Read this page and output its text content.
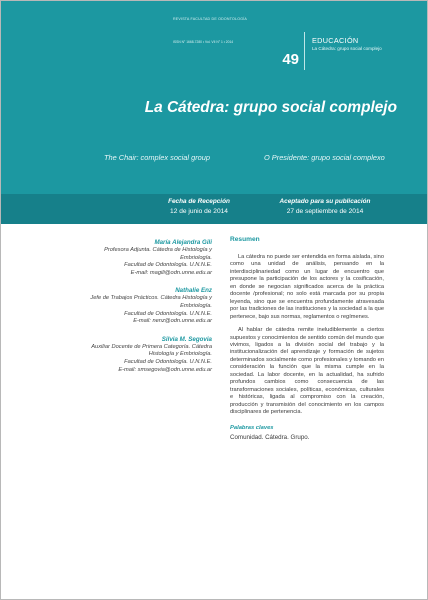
REVISTA FACULTAD DE ODONTOLOGÍA
ISSN N° 1668-7280 • Vol. VII N° 1 • 2014
49
EDUCACIÓN
La Cátedra: grupo social complejo
La Cátedra: grupo social complejo
The Chair: complex social group	O Presidente: grupo social complexo
Fecha de Recepción
12 de junio de 2014
Aceptado para su publicación
27 de septiembre de 2014
María Alejandra Gili
Profesora Adjunta. Cátedra de Histología y
Embriología.
Facultad de Odontología. U.N.N.E.
E-mail: magili@odn.unne.edu.ar
Nathalie Enz
Jefe de Trabajos Prácticos. Cátedra Histología y
Embriología.
Facultad de Odontología. U.N.N.E.
E-mail: nenz@odn.unne.edu.ar
Silvia M. Segovia
Auxiliar Docente de Primera Categoría. Cátedra
Histología y Embriología.
Facultad de Odontología. U.N.N.E.
E-mail: smsegovia@odn.unne.edu.ar
Resumen

La cátedra no puede ser entendida en forma aislada, sino como una unidad de análisis, pensando en la interdisciplinariedad como un lugar de encuentro que presupone la participación de los actores y la cosificación, en donde se negocian significados acerca de la práctica docente /profesional; no solo está marcada por su propia leyenda, sino que se encuentra profundamente atravesada por las tradiciones de las instituciones y la sociedad a la que pertenece, bajo sus normas, reglamentos o regímenes.

Al hablar de cátedra remite ineludiblemente a ciertos supuestos y conocimientos de sentido común del mundo que vivimos, ligados a la división social del trabajo y la institucionalización del aprendizaje y formación de sujetos determinados socialmente como profesionales y tomando en consideración la función que la misma cumple en la sociedad. La labor docente, en la actualidad, ha sufrido profundos cambios como consecuencia de las transformaciones sociales, políticas, económicas, culturales e históricas, ligada al compromiso con la creación, producción y transmisión del conocimiento en los campos disciplinares de pertenencia.

Palabras claves
Comunidad. Cátedra. Grupo.
